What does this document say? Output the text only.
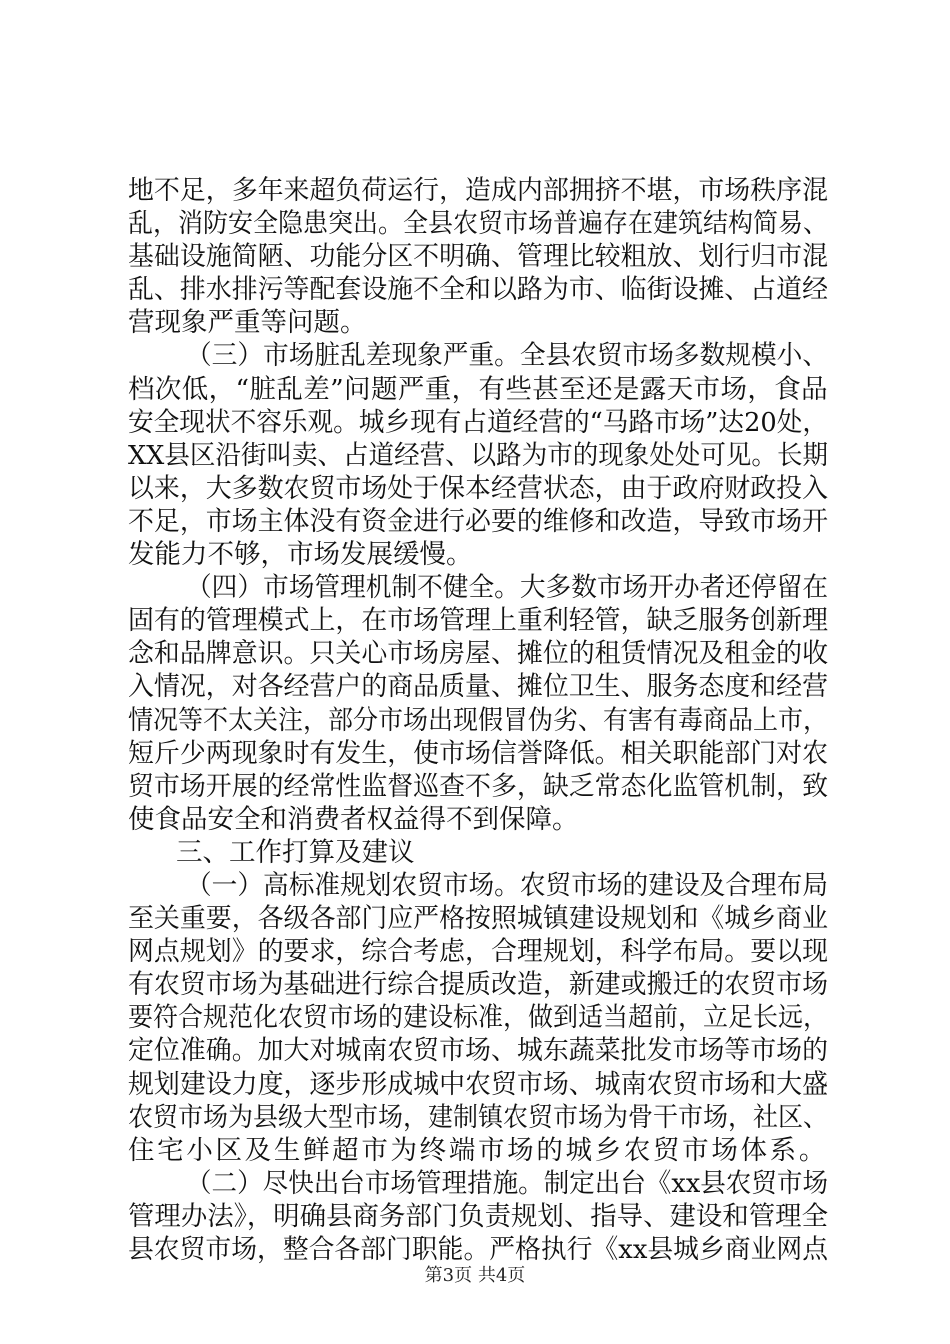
地不足，多年来超负荷运行，造成内部拥挤不堪，市场秩序混
乱，消防安全隐患突出。全县农贸市场普遍存在建筑结构简易、
基础设施简陋、功能分区不明确、管理比较粗放、划行归市混
乱、排水排污等配套设施不全和以路为市、临街设摊、占道经
营现象严重等问题。
（三）市场脏乱差现象严重。全县农贸市场多数规模小、
档次低，“脏乱差”问题严重，有些甚至还是露天市场，食品
安全现状不容乐观。城乡现有占道经营的“马路市场”达20处，
XX县区沿街叫卖、占道经营、以路为市的现象处处可见。长期
以来，大多数农贸市场处于保本经营状态，由于政府财政投入
不足，市场主体没有资金进行必要的维修和改造，导致市场开
发能力不够，市场发展缓慢。
（四）市场管理机制不健全。大多数市场开办者还停留在
固有的管理模式上，在市场管理上重利轻管，缺乏服务创新理
念和品牌意识。只关心市场房屋、摊位的租赁情况及租金的收
入情况，对各经营户的商品质量、摊位卫生、服务态度和经营
情况等不太关注，部分市场出现假冒伪劣、有害有毒商品上市，
短斤少两现象时有发生，使市场信誉降低。相关职能部门对农
贸市场开展的经常性监督巡查不多，缺乏常态化监管机制，致
使食品安全和消费者权益得不到保障。
三、工作打算及建议
（一）高标准规划农贸市场。农贸市场的建设及合理布局
至关重要，各级各部门应严格按照城镇建设规划和《城乡商业
网点规划》的要求，综合考虑，合理规划，科学布局。要以现
有农贸市场为基础进行综合提质改造，新建或搬迁的农贸市场
要符合规范化农贸市场的建设标准，做到适当超前，立足长远，
定位准确。加大对城南农贸市场、城东蔬菜批发市场等市场的
规划建设力度，逐步形成城中农贸市场、城南农贸市场和大盛
农贸市场为县级大型市场，建制镇农贸市场为骨干市场，社区、
住宅小区及生鲜超市为终端市场的城乡农贸市场体系。
（二）尽快出台市场管理措施。制定出台《xx县农贸市场
管理办法》，明确县商务部门负责规划、指导、建设和管理全
县农贸市场，整合各部门职能。严格执行《xx县城乡商业网点
第3页 共4页
